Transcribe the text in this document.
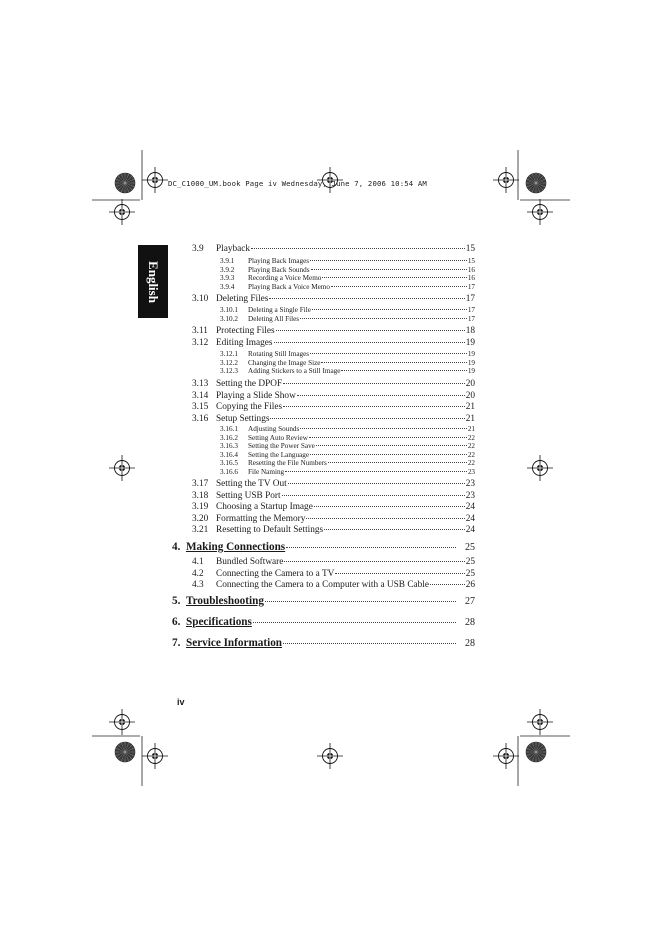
DC_C1000_UM.book Page iv Wednesday, June 7, 2006 10:54 AM
English
3.9	Playback	15
3.9.1	Playing Back Images	15
3.9.2	Playing Back Sounds	16
3.9.3	Recording a Voice Memo	16
3.9.4	Playing Back a Voice Memo	17
3.10 Deleting Files	17
3.10.1	Deleting a Single File	17
3.10.2	Deleting All Files	17
3.11 Protecting Files	18
3.12 Editing Images	19
3.12.1	Rotating Still Images	19
3.12.2	Changing the Image Size	19
3.12.3	Adding Stickers to a Still Image	19
3.13 Setting the DPOF	20
3.14 Playing a Slide Show	20
3.15 Copying the Files	21
3.16 Setup Settings	21
3.16.1	Adjusting Sounds	21
3.16.2	Setting Auto Review	22
3.16.3	Setting the Power Save	22
3.16.4	Setting the Language	22
3.16.5	Resetting the File Numbers	22
3.16.6	File Naming	23
3.17 Setting the TV Out	23
3.18 Setting USB Port	23
3.19 Choosing a Startup Image	24
3.20 Formatting the Memory	24
3.21 Resetting to Default Settings	24
4. Making Connections	25
4.1	Bundled Software	25
4.2	Connecting the Camera to a TV	25
4.3	Connecting the Camera to a Computer with a USB Cable	26
5. Troubleshooting	27
6. Specifications	28
7. Service Information	28
iv
